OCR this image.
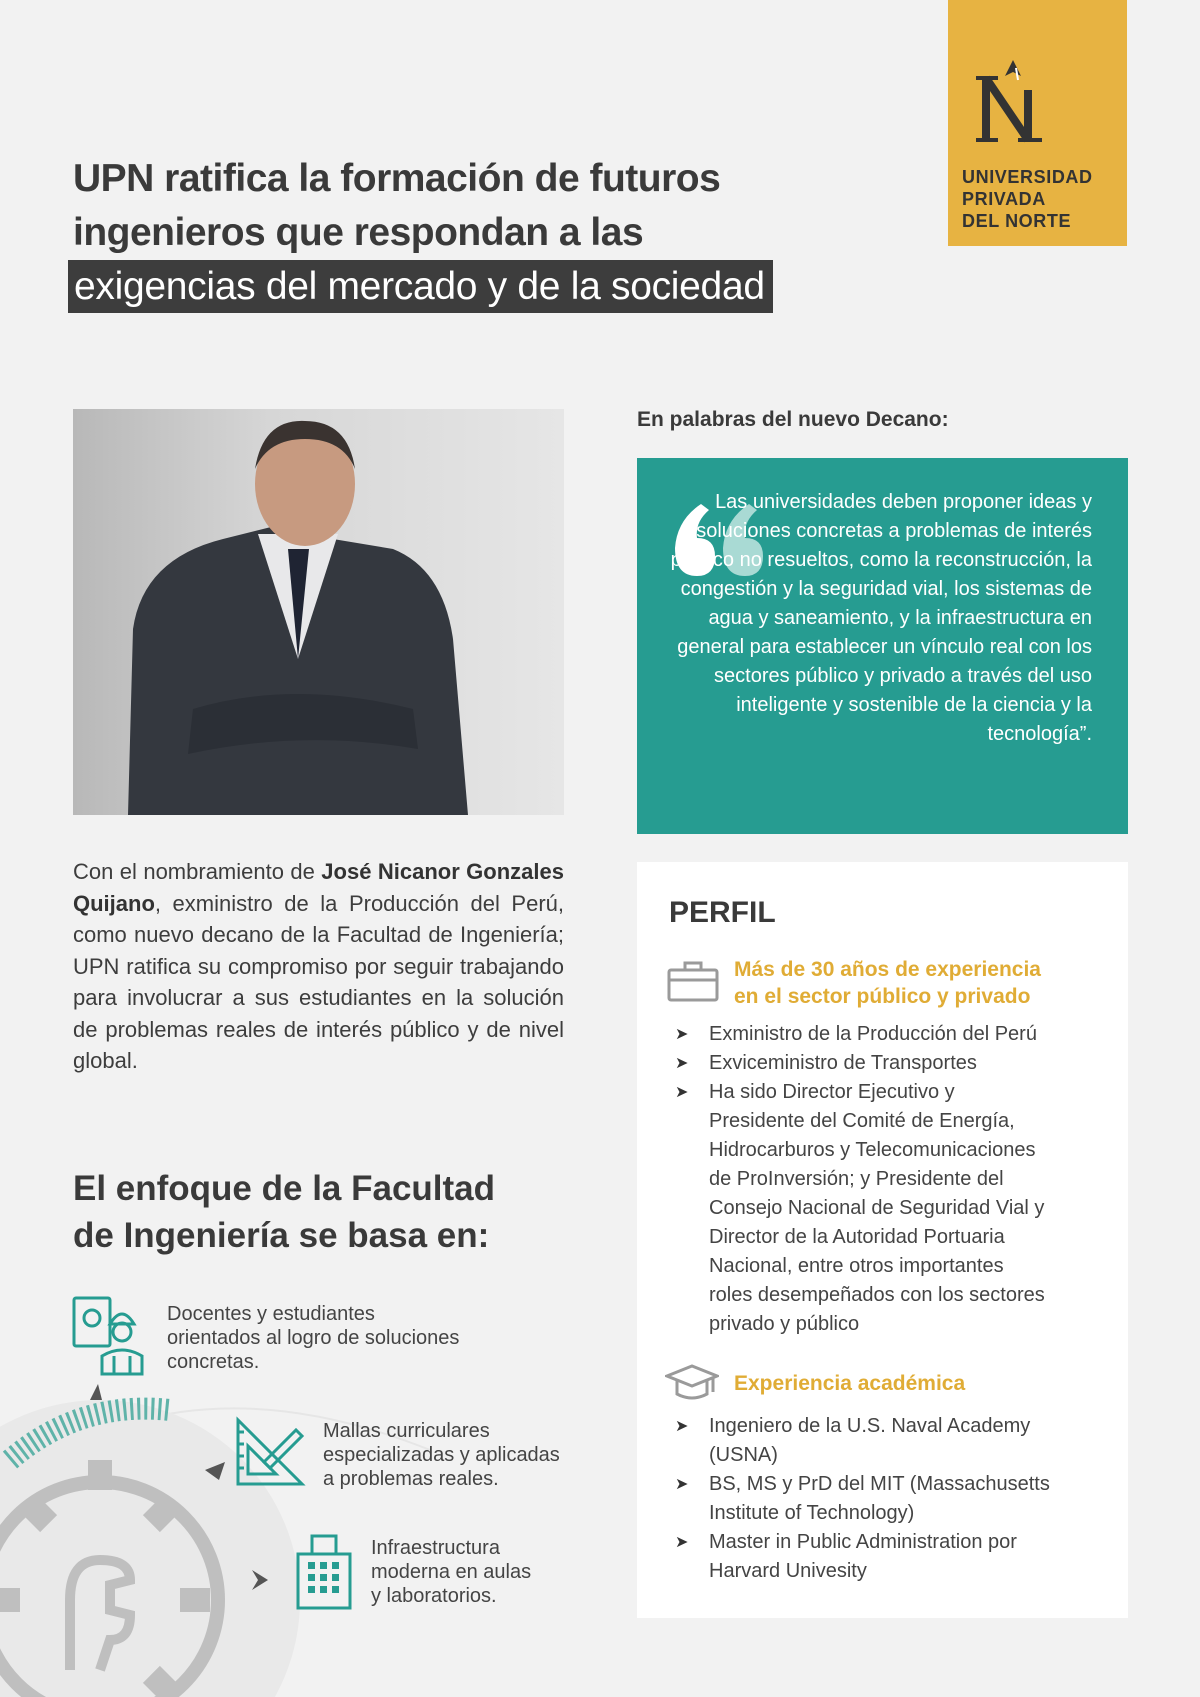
UNIVERSIDAD
PRIVADA
DEL NORTE
UPN ratifica la formación de futuros
ingenieros que respondan a las
exigencias del mercado y de la sociedad
Con el nombramiento de José Nicanor Gonzales Quijano, exministro de la Producción del Perú, como nuevo decano de la Facultad de Ingeniería; UPN ratifica su compromiso por seguir trabajando para involucrar a sus estudiantes en la solución de problemas reales de interés público y de nivel global.
En palabras del nuevo Decano:
Las universidades deben proponer ideas y soluciones concretas a problemas de interés público no resueltos, como la reconstrucción, la congestión y la seguridad vial, los sistemas de agua y saneamiento, y la infraestructura en general para establecer un vínculo real con los sectores público y privado a través del uso inteligente y sostenible de la ciencia y la tecnología”.
El enfoque de la Facultad
de Ingeniería se basa en:
Docentes y estudiantes
orientados al logro de soluciones
concretas.
Mallas curriculares
especializadas y aplicadas
a problemas reales.
Infraestructura
moderna en aulas
y laboratorios.
PERFIL
Más de 30 años de experiencia
en el sector público y privado
➤ Exministro de la Producción del Perú
➤ Exviceministro de Transportes
➤ Ha sido Director Ejecutivo y
Presidente del Comité de Energía,
Hidrocarburos y Telecomunicaciones
de ProInversión; y Presidente del
Consejo Nacional de Seguridad Vial y
Director de la Autoridad Portuaria
Nacional, entre otros importantes
roles desempeñados con los sectores
privado y público
Experiencia académica
➤ Ingeniero de la U.S. Naval Academy
(USNA)
➤ BS, MS y PrD del MIT (Massachusetts
Institute of Technology)
➤ Master in Public Administration por
Harvard Univesity
